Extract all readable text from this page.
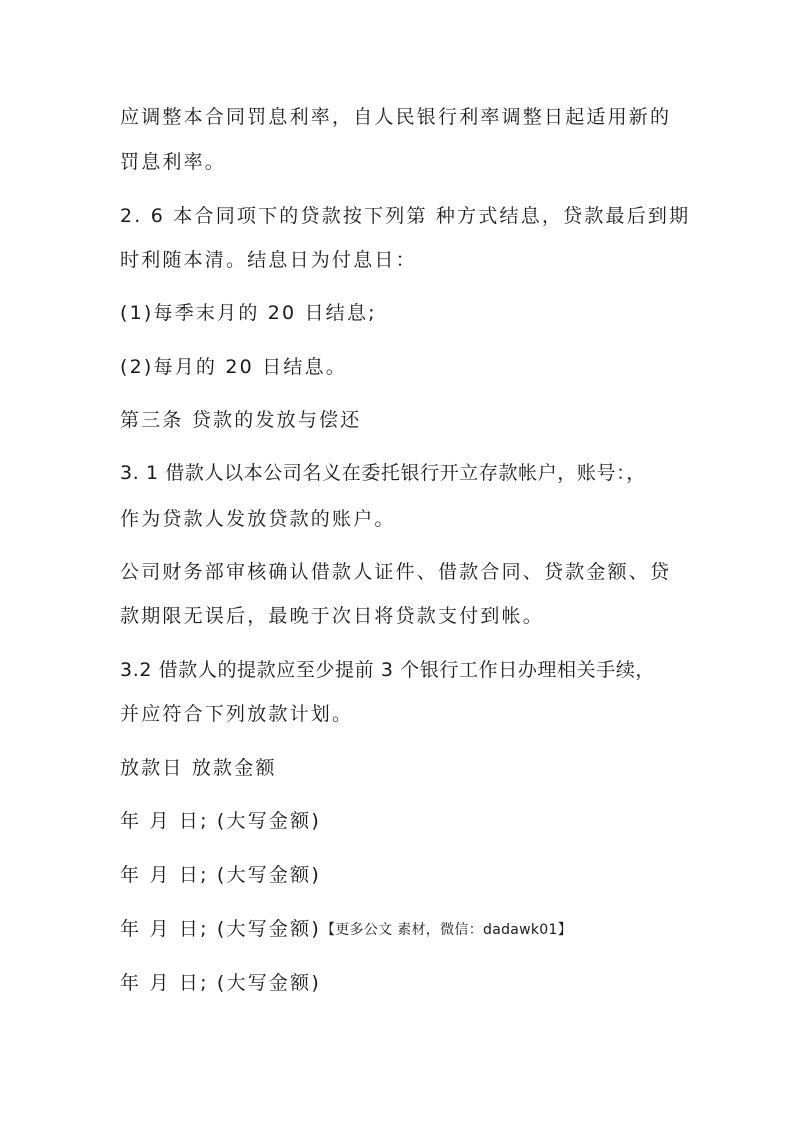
应调整本合同罚息利率，自人民银行利率调整日起适用新的

罚息利率。

2. 6 本合同项下的贷款按下列第 种方式结息，贷款最后到期

时利随本清。结息日为付息日：

(1)每季末月的 20 日结息;

(2)每月的 20 日结息。

第三条 贷款的发放与偿还

3. 1 借款人以本公司名义在委托银行开立存款帐户，账号：，

作为贷款人发放贷款的账户。

公司财务部审核确认借款人证件、借款合同、贷款金额、贷

款期限无误后，最晚于次日将贷款支付到帐。

3.2 借款人的提款应至少提前 3 个银行工作日办理相关手续，

并应符合下列放款计划。

放款日 放款金额

年 月 日; (大写金额)

年 月 日; (大写金额)

年 月 日; (大写金额)【更多公文 素材，微信：dadawk01】

年 月 日; (大写金额)
